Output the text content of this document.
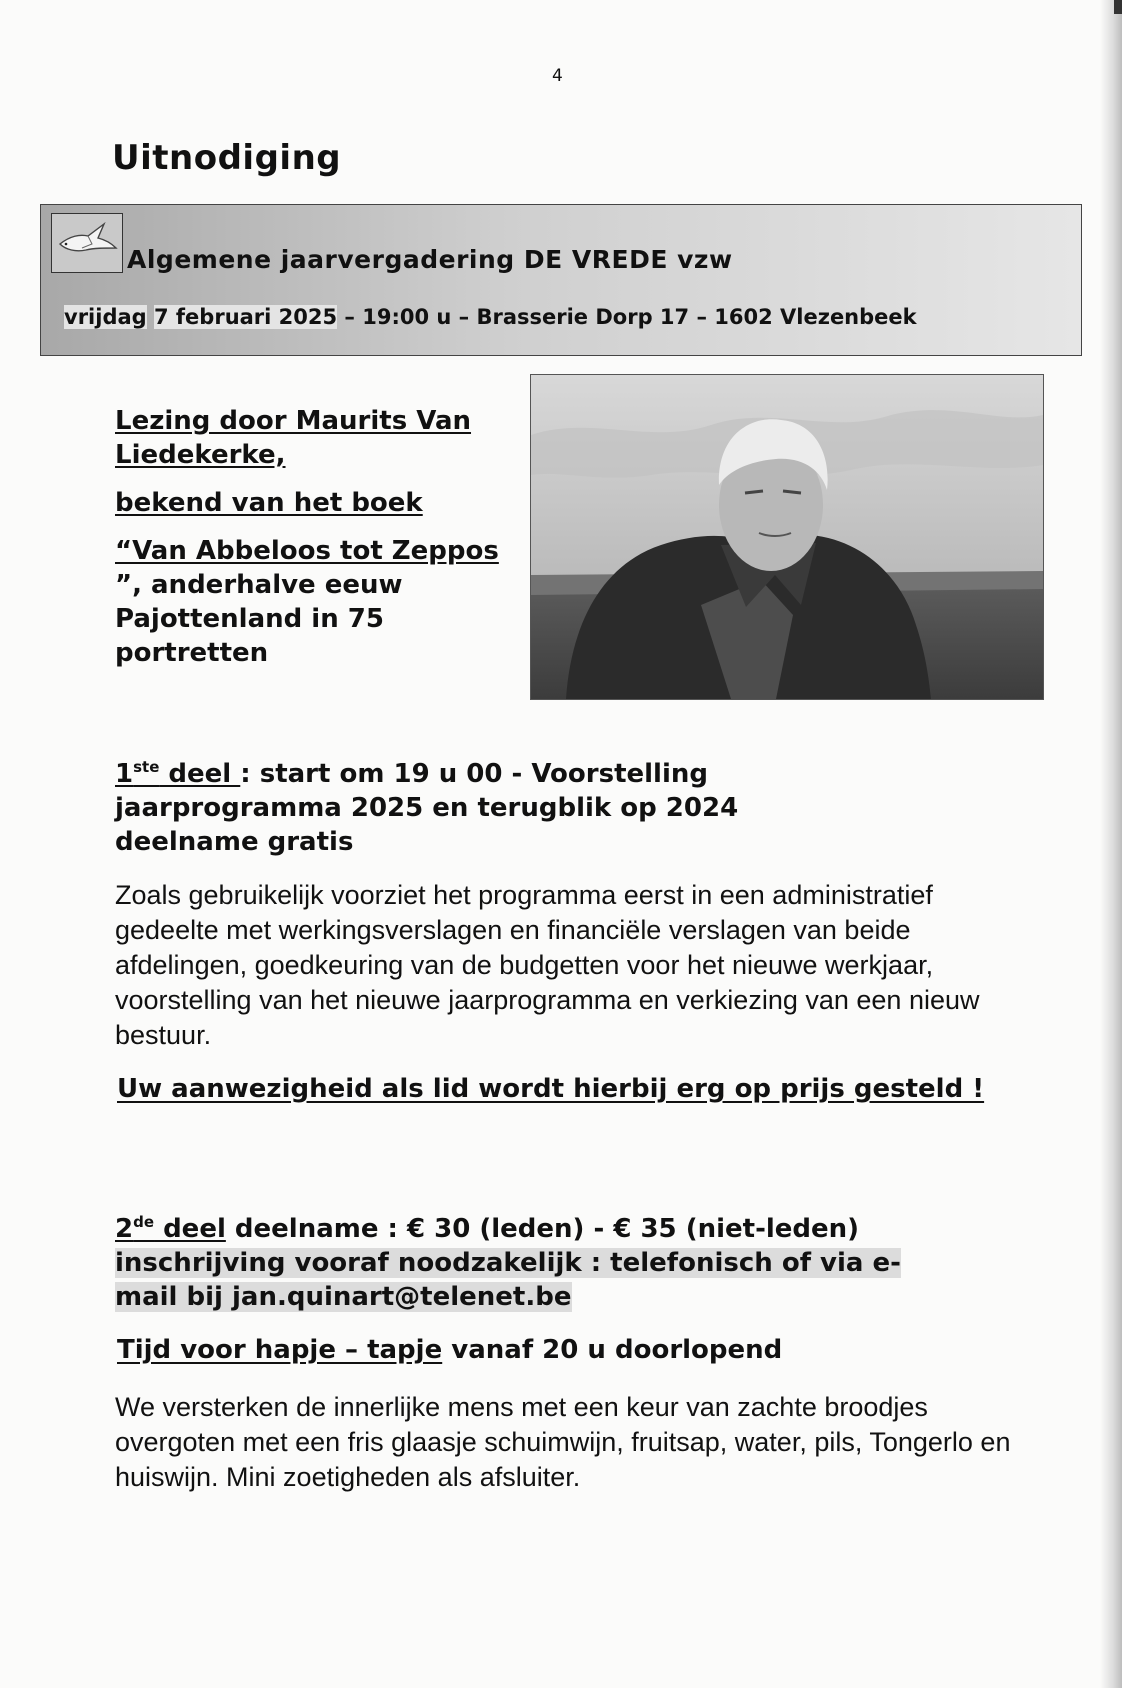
4
Uitnodiging
Algemene jaarvergadering DE VREDE vzw
vrijdag 7 februari 2025 – 19:00 u – Brasserie Dorp 17 – 1602 Vlezenbeek

Lezing door Maurits Van Liedekerke,

bekend van het boek

“Van Abbeloos tot Zeppos ”, anderhalve eeuw Pajottenland in 75 portretten

1ste deel : start om 19 u 00 - Voorstelling
jaarprogramma 2025 en terugblik op 2024
deelname gratis

Zoals gebruikelijk voorziet het programma eerst in een administratief gedeelte met werkingsverslagen en financiële verslagen van beide afdelingen, goedkeuring van de budgetten voor het nieuwe werkjaar, voorstelling van het nieuwe jaarprogramma en verkiezing van een nieuw bestuur.

Uw aanwezigheid als lid wordt hierbij erg op prijs gesteld !

2de deel deelname : € 30 (leden) - € 35 (niet-leden)
inschrijving vooraf noodzakelijk : telefonisch of via e-
mail bij jan.quinart@telenet.be
Tijd voor hapje – tapje vanaf 20 u doorlopend

We versterken de innerlijke mens met een keur van zachte broodjes overgoten met een fris glaasje schuimwijn, fruitsap, water, pils, Tongerlo en huiswijn. Mini zoetigheden als afsluiter.
